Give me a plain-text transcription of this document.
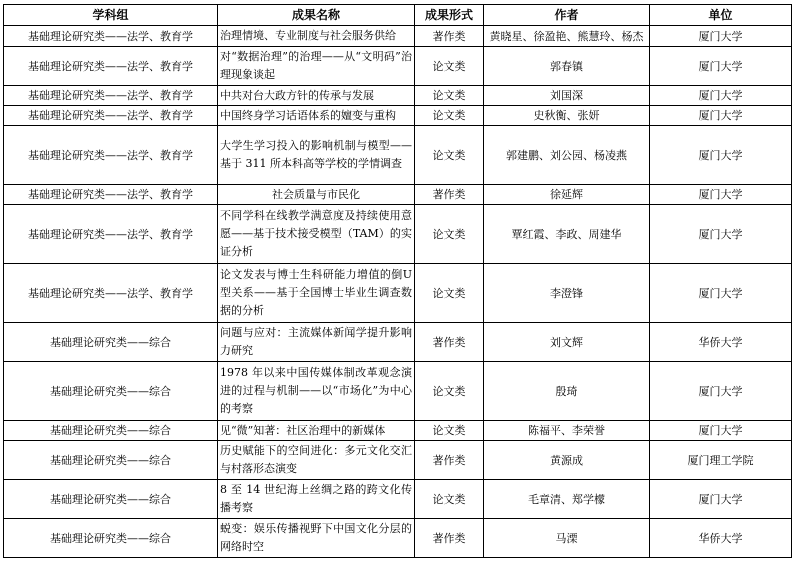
学科组	成果名称	成果形式	作者	单位
基础理论研究类——法学、教育学	治理情境、专业制度与社会服务供给	著作类	黄晓星、徐盈艳、熊慧玲、杨杰	厦门大学
基础理论研究类——法学、教育学	对“数据治理”的治理——从“文明码”治理现象谈起	论文类	郭春镇	厦门大学
基础理论研究类——法学、教育学	中共对台大政方针的传承与发展	论文类	刘国深	厦门大学
基础理论研究类——法学、教育学	中国终身学习话语体系的嬗变与重构	论文类	史秋衡、张妍	厦门大学
基础理论研究类——法学、教育学	大学生学习投入的影响机制与模型——基于 311 所本科高等学校的学情调查	论文类	郭建鹏、刘公园、杨凌燕	厦门大学
基础理论研究类——法学、教育学	社会质量与市民化	著作类	徐延辉	厦门大学
基础理论研究类——法学、教育学	不同学科在线教学满意度及持续使用意愿——基于技术接受模型（TAM）的实证分析	论文类	覃红霞、李政、周建华	厦门大学
基础理论研究类——法学、教育学	论文发表与博士生科研能力增值的倒U型关系——基于全国博士毕业生调查数据的分析	论文类	李澄锋	厦门大学
基础理论研究类——综合	问题与应对：主流媒体新闻学提升影响力研究	著作类	刘文辉	华侨大学
基础理论研究类——综合	1978 年以来中国传媒体制改革观念演进的过程与机制——以“市场化”为中心的考察	论文类	殷琦	厦门大学
基础理论研究类——综合	见“微”知著：社区治理中的新媒体	论文类	陈福平、李荣誉	厦门大学
基础理论研究类——综合	历史赋能下的空间进化：多元文化交汇与村落形态演变	著作类	黄源成	厦门理工学院
基础理论研究类——综合	8 至 14 世纪海上丝绸之路的跨文化传播考察	论文类	毛章清、郑学檬	厦门大学
基础理论研究类——综合	蜕变：娱乐传播视野下中国文化分层的网络时空	著作类	马溧	华侨大学
